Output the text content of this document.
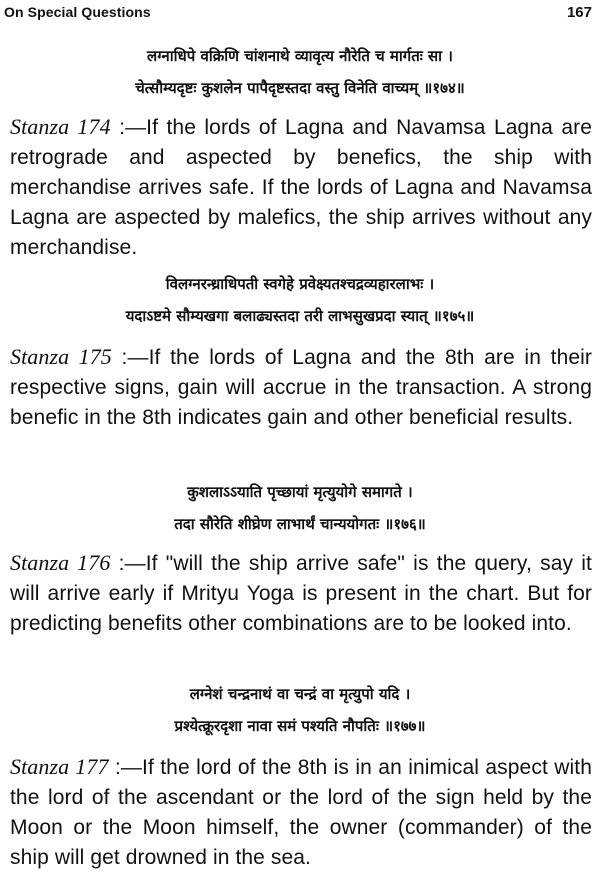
On Special Questions	167
लग्नाधिपे वक्रिणि चांशनाथे व्यावृत्य नौरेति च मार्गतः सा ।
चेत्सौम्यदृष्टः कुशलेन पापैदृष्टस्तदा वस्तु विनेति वाच्यम् ॥१७४॥
Stanza 174 :—If the lords of Lagna and Navamsa Lagna are retrograde and aspected by benefics, the ship with merchandise arrives safe. If the lords of Lagna and Navamsa Lagna are aspected by malefics, the ship arrives without any merchandise.
विलग्नरन्ध्राधिपती स्वगेहे प्रवेक्ष्यतश्चद्रव्यहारलाभः ।
यदाऽष्टमे सौम्यखगा बलाढ्यस्तदा तरी लाभसुखप्रदा स्यात् ॥१७५॥
Stanza 175 :—If the lords of Lagna and the 8th are in their respective signs, gain will accrue in the transaction. A strong benefic in the 8th indicates gain and other beneficial results.
कुशलाऽऽयाति पृच्छायां मृत्युयोगे समागते ।
तदा सौरेति शीघ्रेण लाभार्थं चान्ययोगतः ॥१७६॥
Stanza 176 :—If "will the ship arrive safe" is the query, say it will arrive early if Mrityu Yoga is present in the chart. But for predicting benefits other combinations are to be looked into.
लग्नेशं चन्द्रनाथं वा चन्द्रं वा मृत्युपो यदि ।
प्रश्येत्क्रूरदृशा नावा समं पश्यति नौपतिः ॥१७७॥
Stanza 177 :—If the lord of the 8th is in an inimical aspect with the lord of the ascendant or the lord of the sign held by the Moon or the Moon himself, the owner (commander) of the ship will get drowned in the sea.
